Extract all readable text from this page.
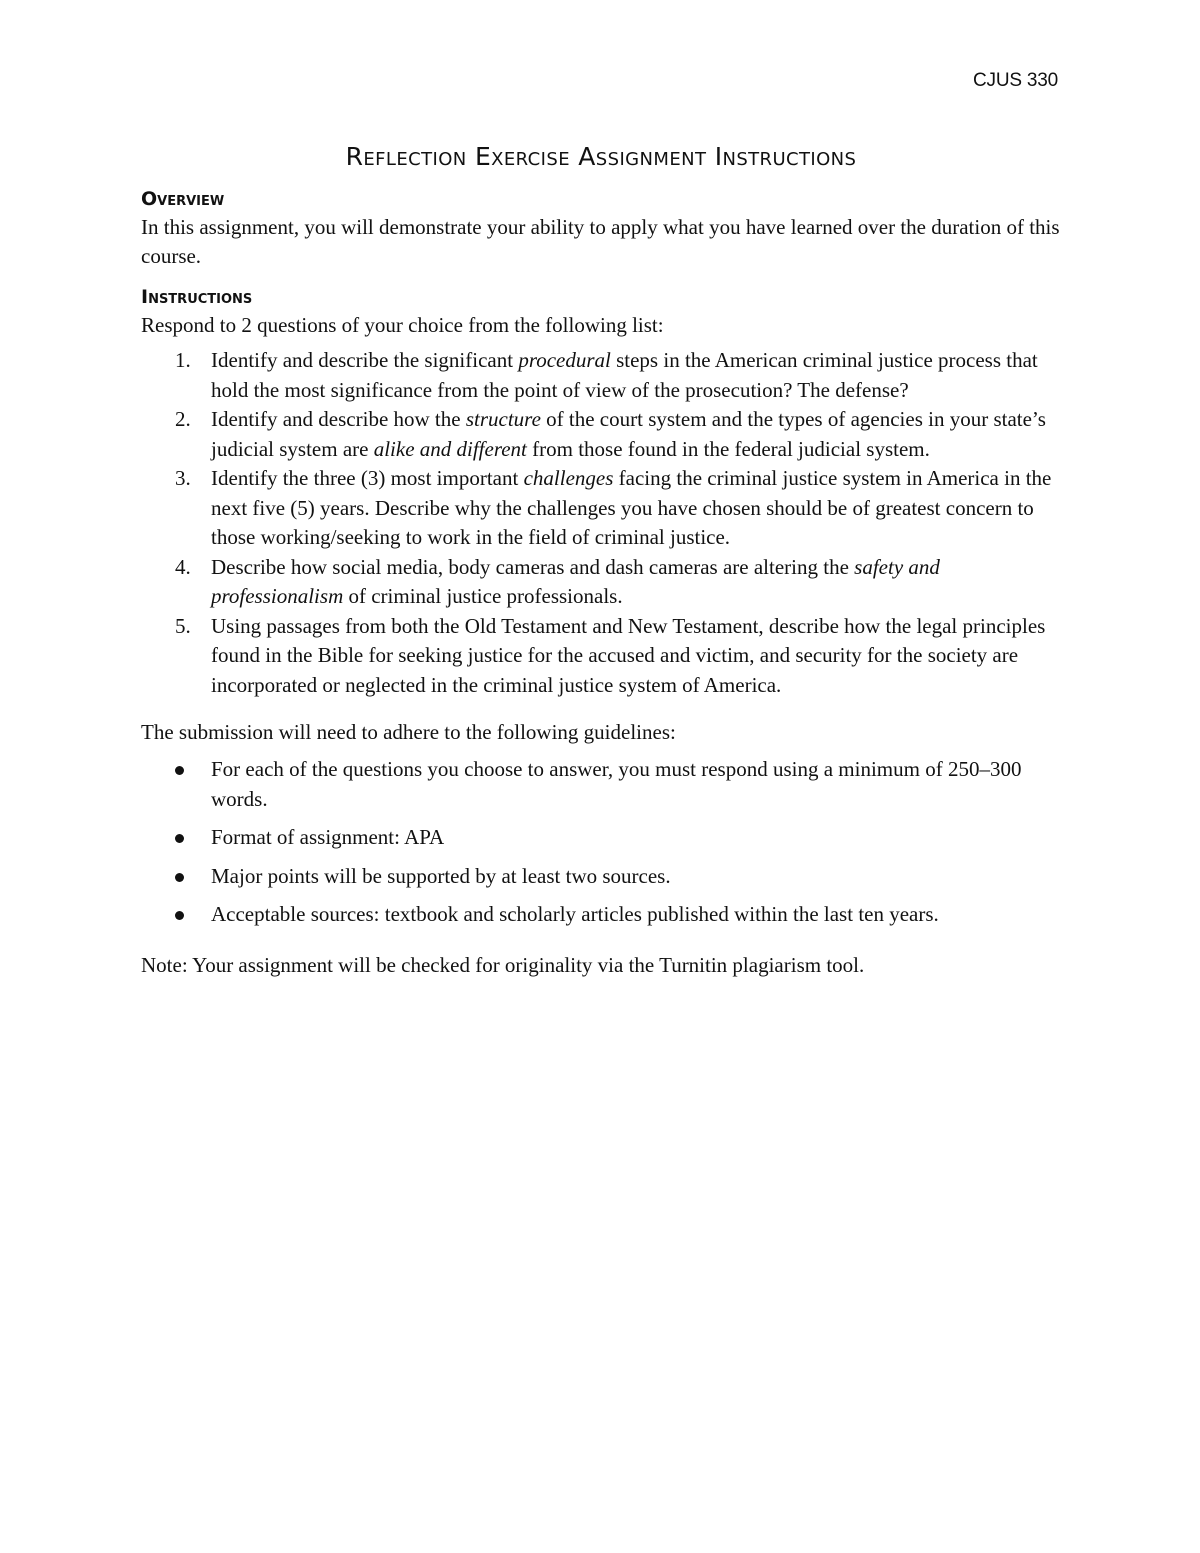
CJUS 330
Reflection Exercise Assignment Instructions
Overview

In this assignment, you will demonstrate your ability to apply what you have learned over the duration of this course.

Instructions

Respond to 2 questions of your choice from the following list:

1. Identify and describe the significant procedural steps in the American criminal justice process that hold the most significance from the point of view of the prosecution? The defense?
2. Identify and describe how the structure of the court system and the types of agencies in your state’s judicial system are alike and different from those found in the federal judicial system.
3. Identify the three (3) most important challenges facing the criminal justice system in America in the next five (5) years. Describe why the challenges you have chosen should be of greatest concern to those working/seeking to work in the field of criminal justice.
4. Describe how social media, body cameras and dash cameras are altering the safety and professionalism of criminal justice professionals.
5. Using passages from both the Old Testament and New Testament, describe how the legal principles found in the Bible for seeking justice for the accused and victim, and security for the society are incorporated or neglected in the criminal justice system of America.

The submission will need to adhere to the following guidelines:

For each of the questions you choose to answer, you must respond using a minimum of 250–300 words.
Format of assignment: APA
Major points will be supported by at least two sources.
Acceptable sources: textbook and scholarly articles published within the last ten years.

Note: Your assignment will be checked for originality via the Turnitin plagiarism tool.
